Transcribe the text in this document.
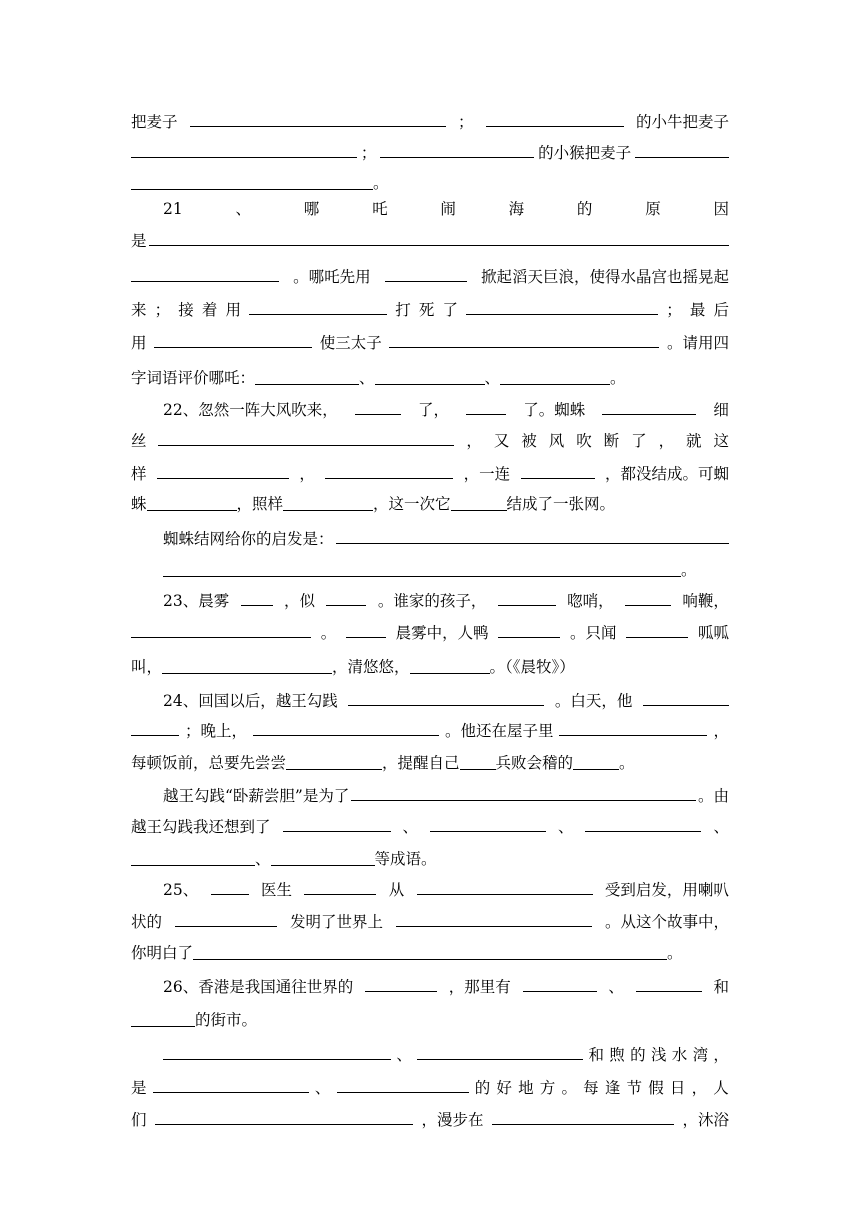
把麦子	；	的小牛把麦子
；	的小猴把麦子
。
21	、	哪	吒	闹	海	的	原	因
是
。哪吒先用	掀起滔天巨浪，使得水晶宫也摇晃起
来 ； 接 着 用	打 死 了	； 最 后
用	使三太子	。请用四
字词语评价哪吒：	、	、	。
22、忽然一阵大风吹来，	了，	了。蜘蛛	细
丝	， 又 被 风 吹 断 了 ， 就 这
样	，	，一连	，都没结成。可蜘
蛛	，照样	，这一次它	结成了一张网。
蜘蛛结网给你的启发是：
。
23、晨雾	，似	。谁家的孩子，	唿哨，	响鞭，
。	晨雾中，人鸭	。只闻	呱呱
叫，	，清悠悠，	。（《晨牧》）
24、回国以后，越王勾践	。白天，他
；晚上，	。他还在屋子里	，
每顿饭前，总要先尝尝	，提醒自己 兵败会稽的	。
越王勾践“卧薪尝胆”是为了	。由
越王勾践我还想到了	、	、	、
、	等成语。
25、	医生	从	受到启发，用喇叭
状的	发明了世界上	。从这个故事中，
你明白了	。
26、香港是我国通往世界的	，那里有	、	和
的街市。
、	和 煦 的 浅 水 湾 ，
是	、	的 好 地 方 。 每 逢 节 假 日 ， 人
们	，漫步在	，沐浴
